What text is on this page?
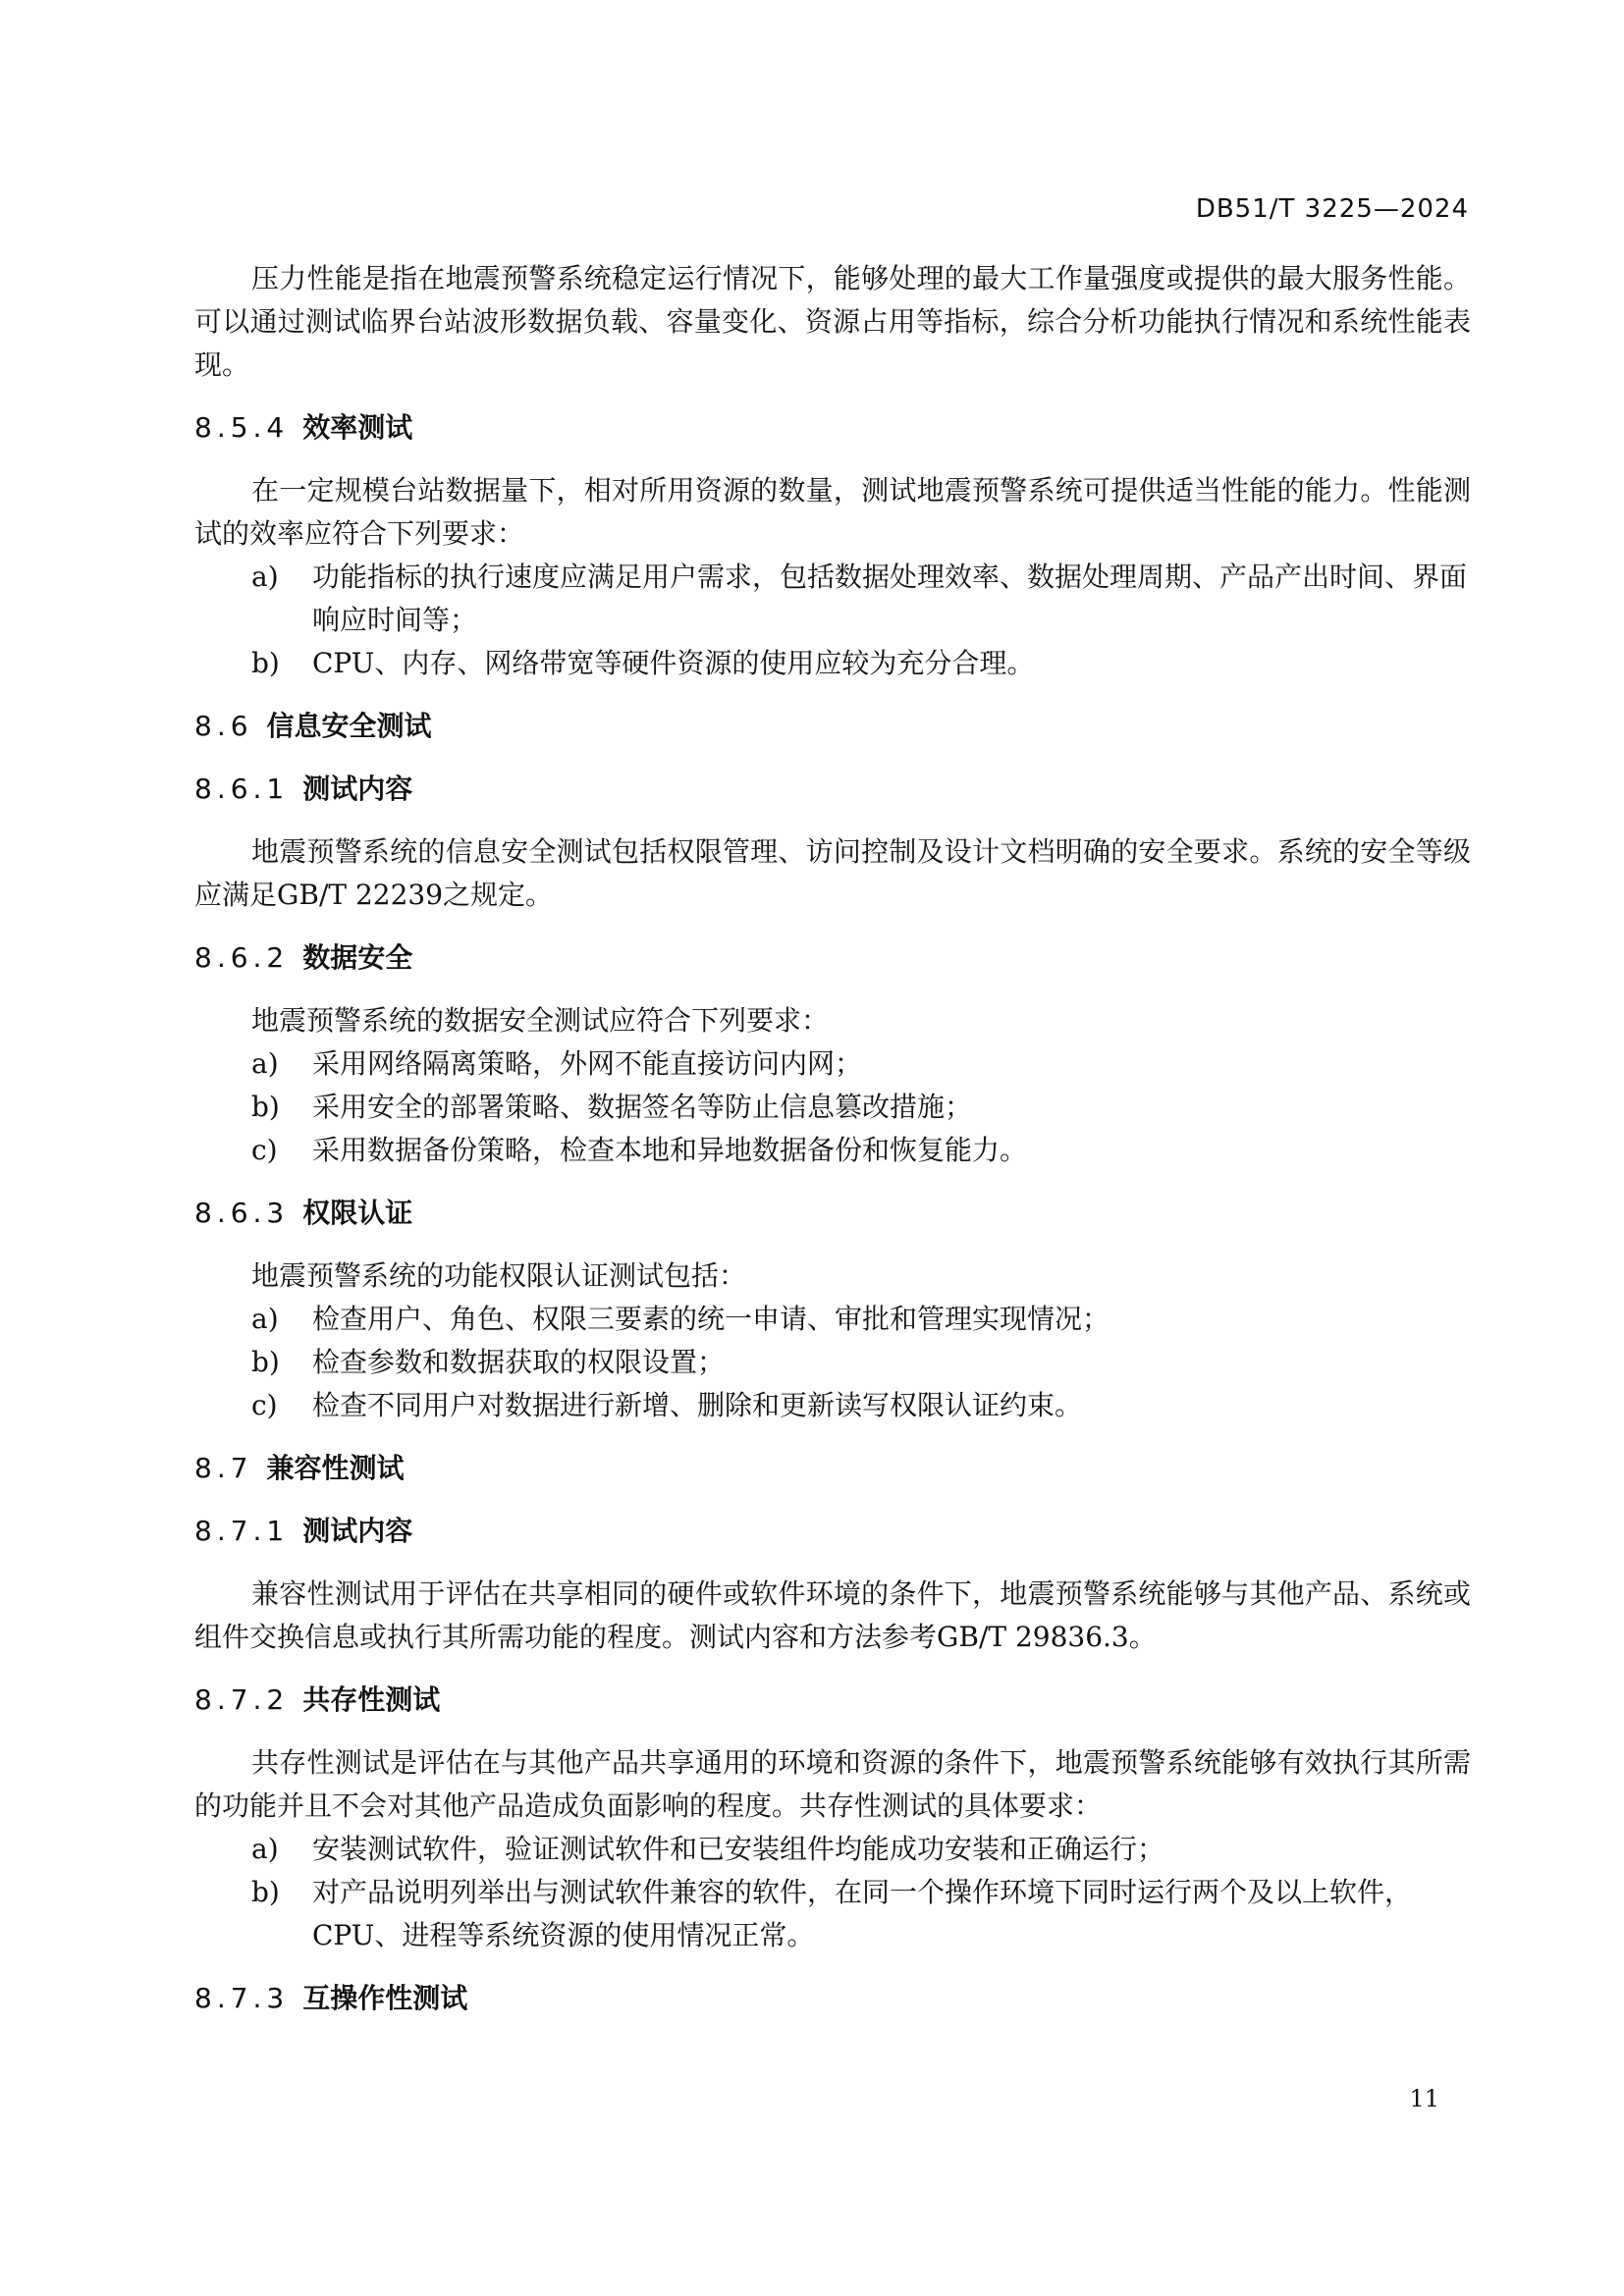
DB51/T 3225—2024

压力性能是指在地震预警系统稳定运行情况下，能够处理的最大工作量强度或提供的最大服务性能。可以通过测试临界台站波形数据负载、容量变化、资源占用等指标，综合分析功能执行情况和系统性能表现。

8.5.4 效率测试

在一定规模台站数据量下，相对所用资源的数量，测试地震预警系统可提供适当性能的能力。性能测试的效率应符合下列要求：

a) 功能指标的执行速度应满足用户需求，包括数据处理效率、数据处理周期、产品产出时间、界面响应时间等；
b) CPU、内存、网络带宽等硬件资源的使用应较为充分合理。
8.6 信息安全测试
8.6.1 测试内容

地震预警系统的信息安全测试包括权限管理、访问控制及设计文档明确的安全要求。系统的安全等级应满足GB/T 22239之规定。

8.6.2 数据安全

地震预警系统的数据安全测试应符合下列要求：

a) 采用网络隔离策略，外网不能直接访问内网；
b) 采用安全的部署策略、数据签名等防止信息篡改措施；
c) 采用数据备份策略，检查本地和异地数据备份和恢复能力。
8.6.3 权限认证

地震预警系统的功能权限认证测试包括：

a) 检查用户、角色、权限三要素的统一申请、审批和管理实现情况；
b) 检查参数和数据获取的权限设置；
c) 检查不同用户对数据进行新增、删除和更新读写权限认证约束。
8.7 兼容性测试
8.7.1 测试内容

兼容性测试用于评估在共享相同的硬件或软件环境的条件下，地震预警系统能够与其他产品、系统或组件交换信息或执行其所需功能的程度。测试内容和方法参考GB/T 29836.3。

8.7.2 共存性测试

共存性测试是评估在与其他产品共享通用的环境和资源的条件下，地震预警系统能够有效执行其所需的功能并且不会对其他产品造成负面影响的程度。共存性测试的具体要求：

a) 安装测试软件，验证测试软件和已安装组件均能成功安装和正确运行；
b) 对产品说明列举出与测试软件兼容的软件，在同一个操作环境下同时运行两个及以上软件，CPU、进程等系统资源的使用情况正常。
8.7.3 互操作性测试
11
